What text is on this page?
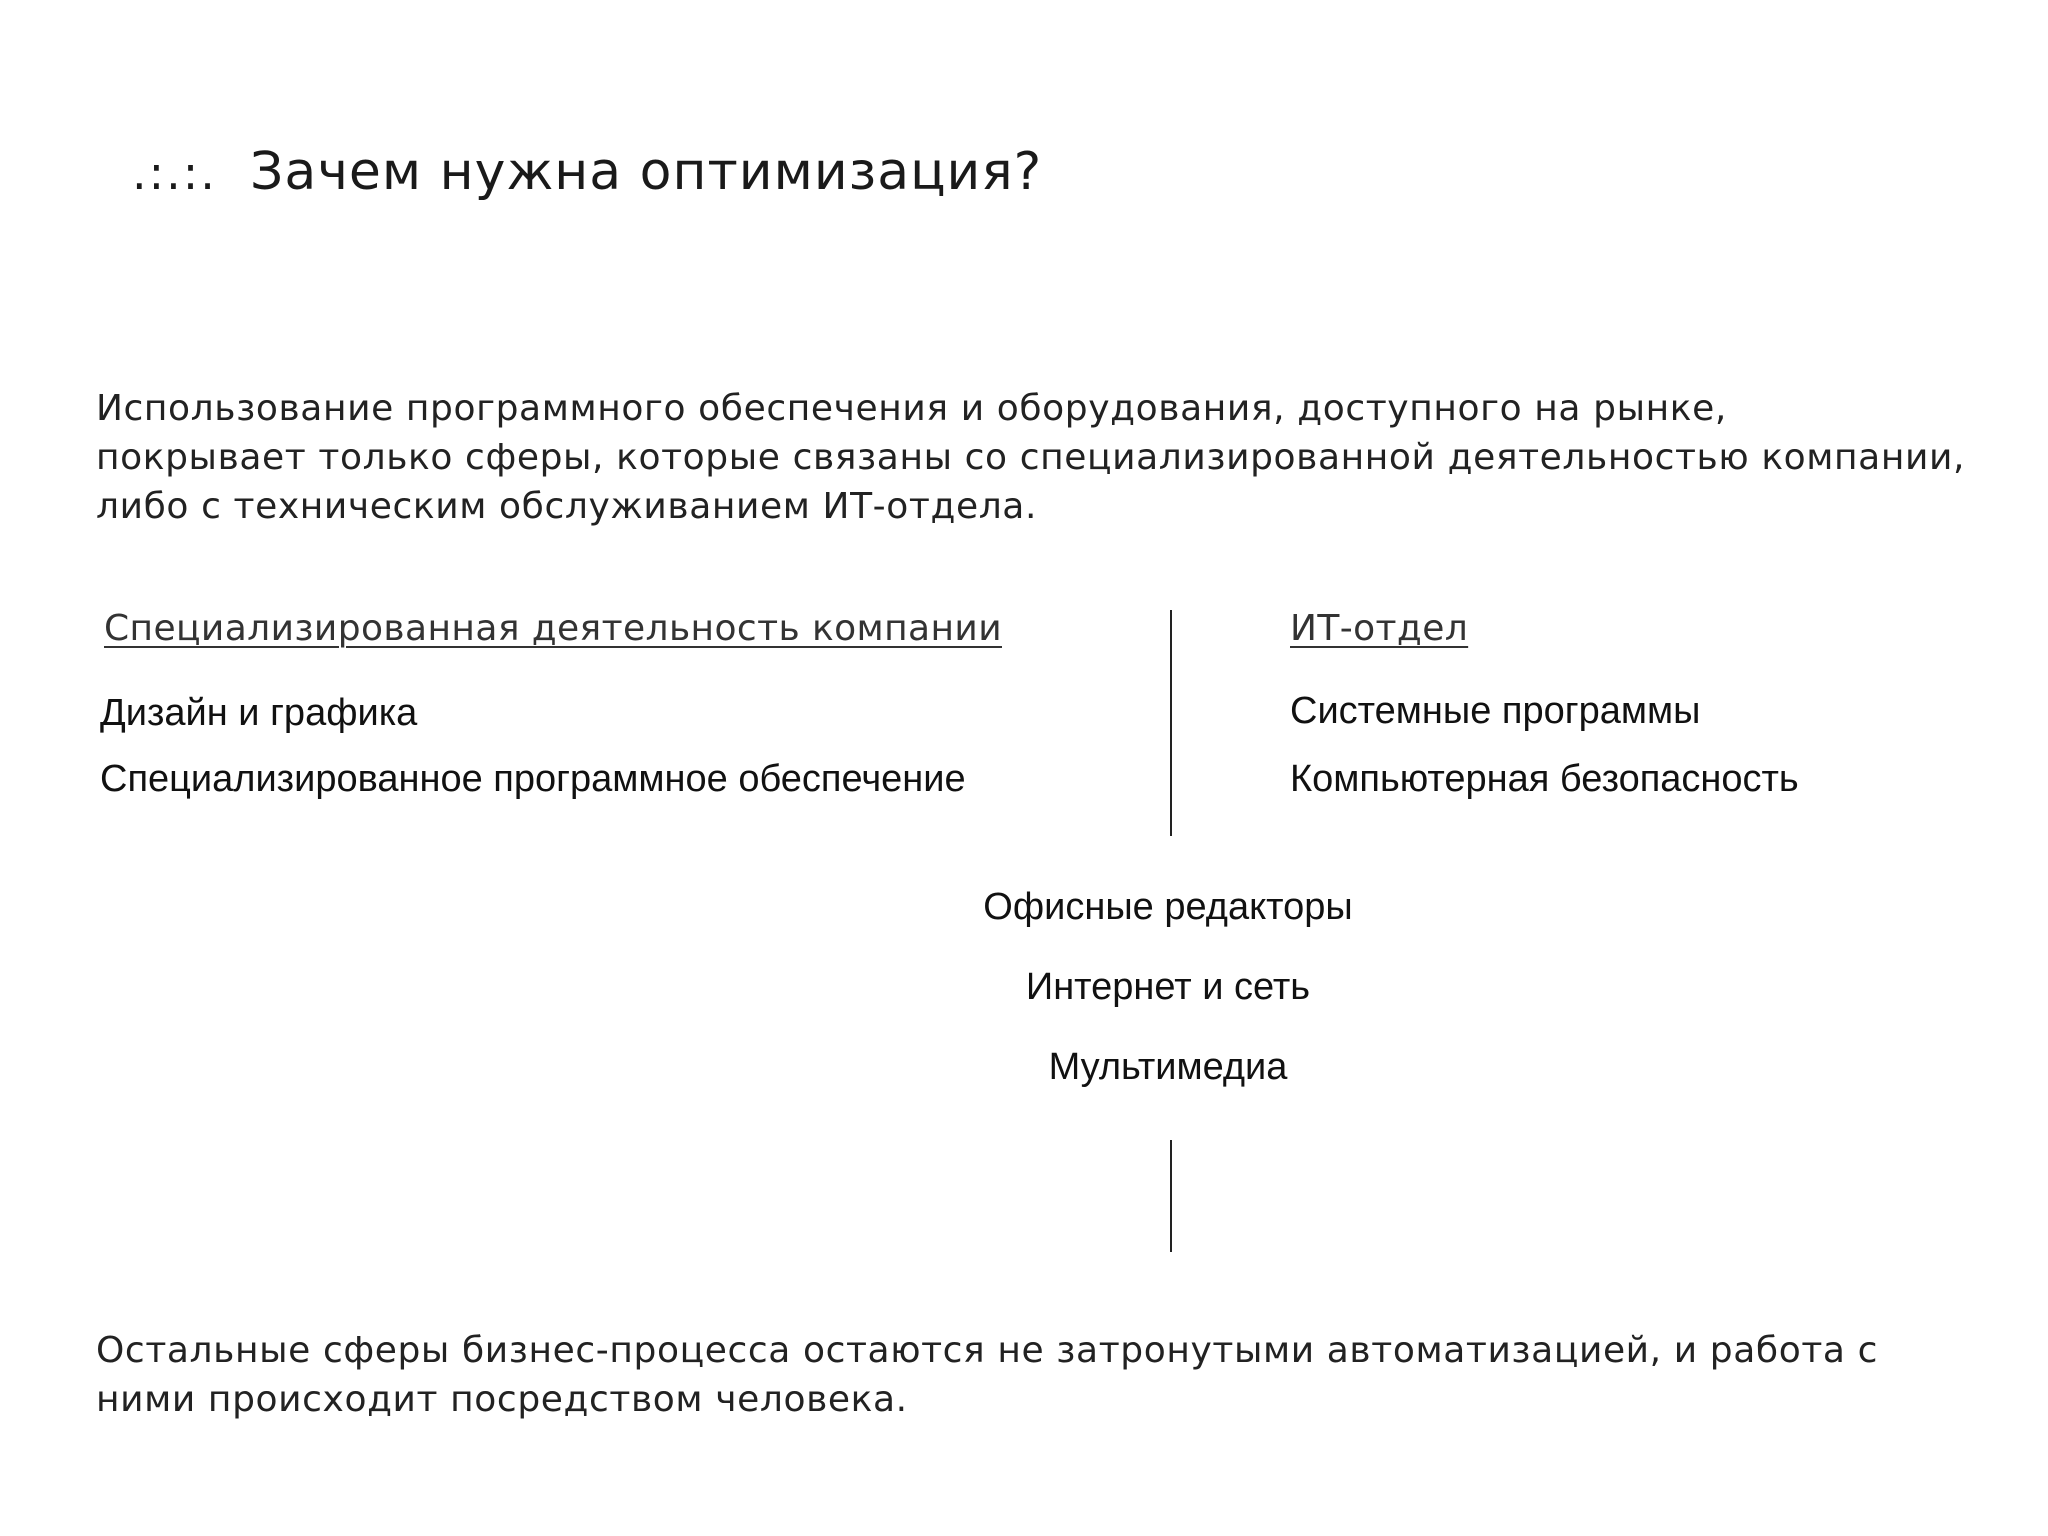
.:.:. Зачем нужна оптимизация?
Использование программного обеспечения и оборудования, доступного на рынке,
покрывает только сферы, которые связаны со специализированной деятельностью компании,
либо с техническим обслуживанием ИТ-отдела.
Специализированная деятельность компании	ИТ-отдел
Дизайн и графика
Специализированное программное обеспечение
Системные программы
Компьютерная безопасность
Офисные редакторы
Интернет и сеть
Мультимедиа
Остальные сферы бизнес-процесса остаются не затронутыми автоматизацией, и работа с
ними происходит посредством человека.
